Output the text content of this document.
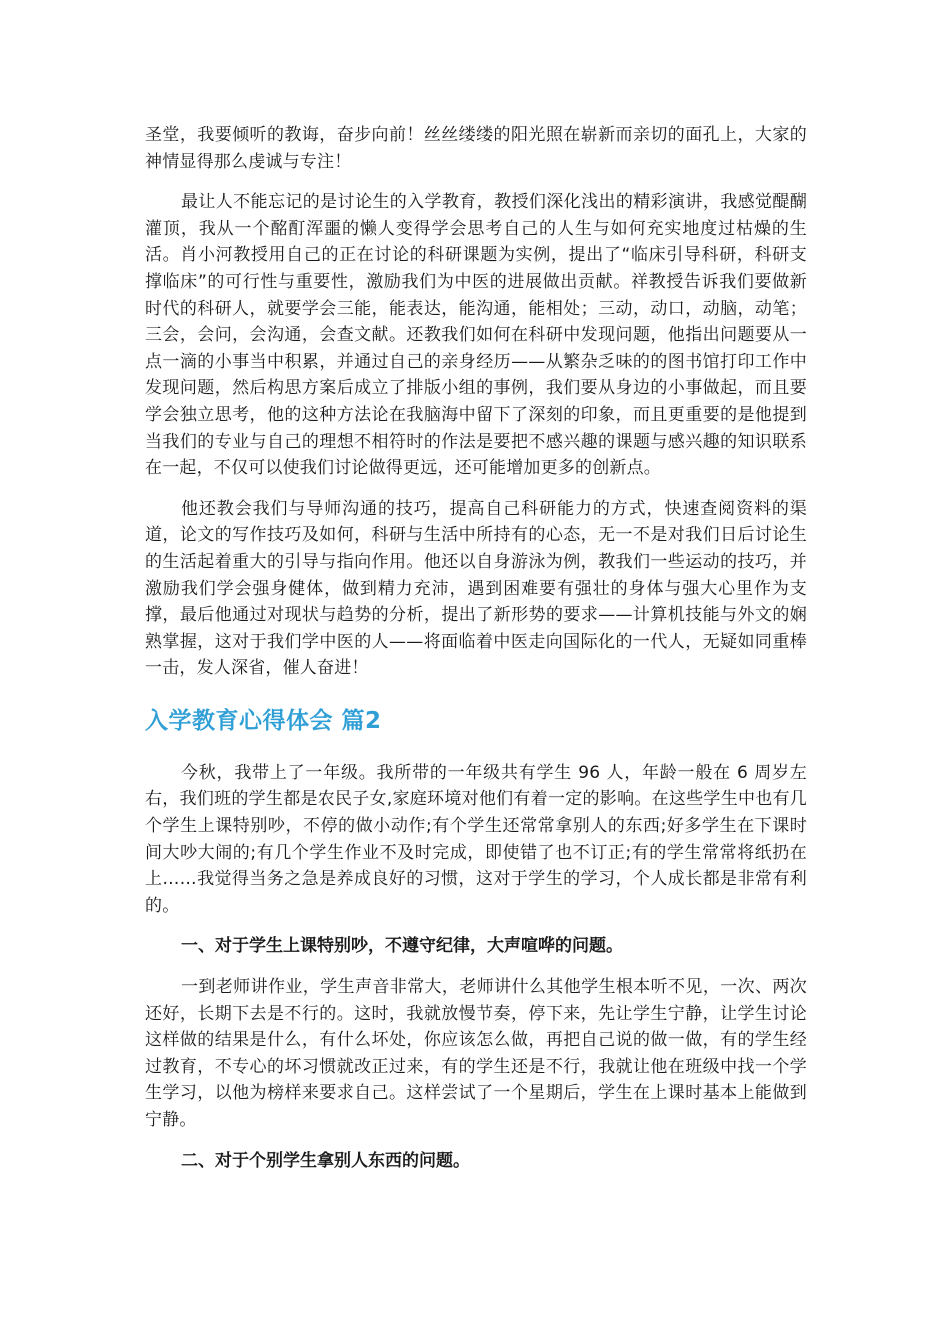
圣堂，我要倾听的教诲，奋步向前！丝丝缕缕的阳光照在崭新而亲切的面孔上，大家的神情显得那么虔诚与专注！

最让人不能忘记的是讨论生的入学教育，教授们深化浅出的精彩演讲，我感觉醍醐灌顶，我从一个酩酊浑噩的懒人变得学会思考自己的人生与如何充实地度过枯燥的生活。肖小河教授用自己的正在讨论的科研课题为实例，提出了“临床引导科研，科研支撑临床”的可行性与重要性，激励我们为中医的进展做出贡献。祥教授告诉我们要做新时代的科研人，就要学会三能，能表达，能沟通，能相处；三动，动口，动脑，动笔；三会，会问，会沟通，会查文献。还教我们如何在科研中发现问题，他指出问题要从一点一滴的小事当中积累，并通过自己的亲身经历——从繁杂乏味的的图书馆打印工作中发现问题，然后构思方案后成立了排版小组的事例，我们要从身边的小事做起，而且要学会独立思考，他的这种方法论在我脑海中留下了深刻的印象，而且更重要的是他提到当我们的专业与自己的理想不相符时的作法是要把不感兴趣的课题与感兴趣的知识联系在一起，不仅可以使我们讨论做得更远，还可能增加更多的创新点。

他还教会我们与导师沟通的技巧，提高自己科研能力的方式，快速查阅资料的渠道，论文的写作技巧及如何，科研与生活中所持有的心态，无一不是对我们日后讨论生的生活起着重大的引导与指向作用。他还以自身游泳为例，教我们一些运动的技巧，并激励我们学会强身健体，做到精力充沛，遇到困难要有强壮的身体与强大心里作为支撑，最后他通过对现状与趋势的分析，提出了新形势的要求——计算机技能与外文的娴熟掌握，这对于我们学中医的人——将面临着中医走向国际化的一代人，无疑如同重棒一击，发人深省，催人奋进！

入学教育心得体会 篇2

今秋，我带上了一年级。我所带的一年级共有学生 96 人，年龄一般在 6 周岁左右，我们班的学生都是农民子女,家庭环境对他们有着一定的影响。在这些学生中也有几个学生上课特别吵，不停的做小动作;有个学生还常常拿别人的东西;好多学生在下课时间大吵大闹的;有几个学生作业不及时完成，即使错了也不订正;有的学生常常将纸扔在上……我觉得当务之急是养成良好的习惯，这对于学生的学习，个人成长都是非常有利的。

一、对于学生上课特别吵，不遵守纪律，大声喧哗的问题。

一到老师讲作业，学生声音非常大，老师讲什么其他学生根本听不见，一次、两次还好，长期下去是不行的。这时，我就放慢节奏，停下来，先让学生宁静，让学生讨论这样做的结果是什么，有什么坏处，你应该怎么做，再把自己说的做一做，有的学生经过教育，不专心的坏习惯就改正过来，有的学生还是不行，我就让他在班级中找一个学生学习，以他为榜样来要求自己。这样尝试了一个星期后，学生在上课时基本上能做到宁静。

二、对于个别学生拿别人东西的问题。
